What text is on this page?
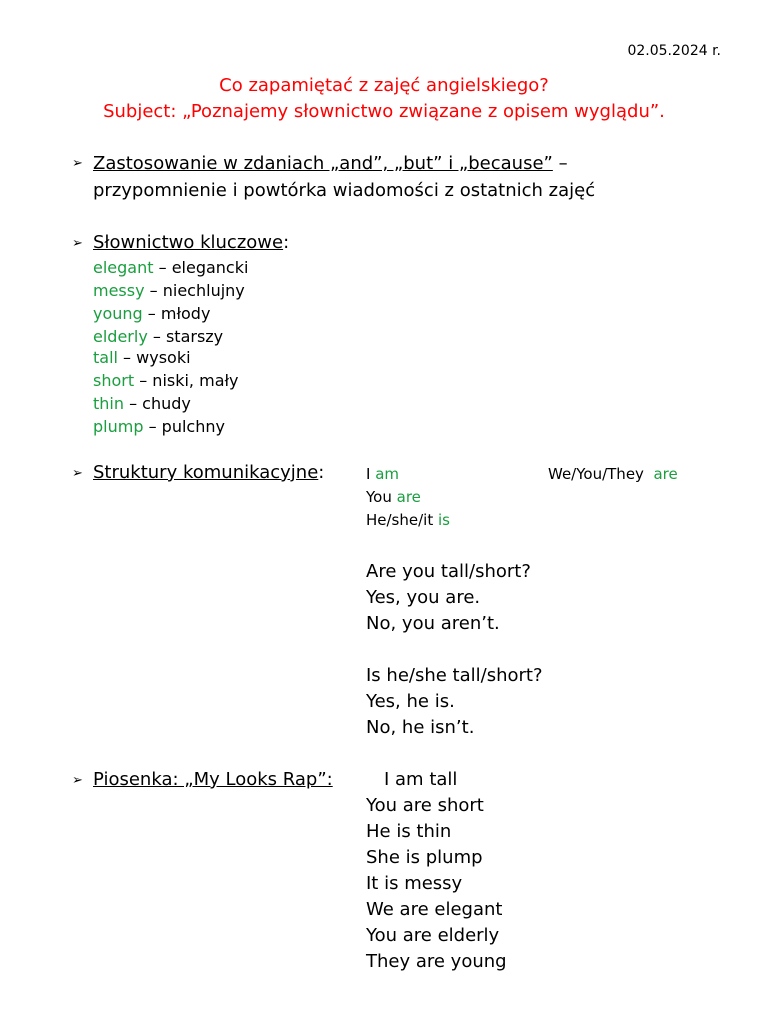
02.05.2024 r.
Co zapamiętać z zajęć angielskiego?
Subject: „Poznajemy słownictwo związane z opisem wyglądu”.
➢ Zastosowanie w zdaniach „and”, „but” i „because” –
przypomnienie i powtórka wiadomości z ostatnich zajęć
➢ Słownictwo kluczowe:
elegant – elegancki
messy – niechlujny
young – młody
elderly – starszy
tall – wysoki
short – niski, mały
thin – chudy
plump – pulchny
➢ Struktury komunikacyjne:	I am
You are
He/she/it is
We/You/They  are
Are you tall/short?
Yes, you are.
No, you aren’t.
Is he/she tall/short?
Yes, he is.
No, he isn’t.
➢ Piosenka: „My Looks Rap”:	I am tall
You are short
He is thin
She is plump
It is messy
We are elegant
You are elderly
They are young
